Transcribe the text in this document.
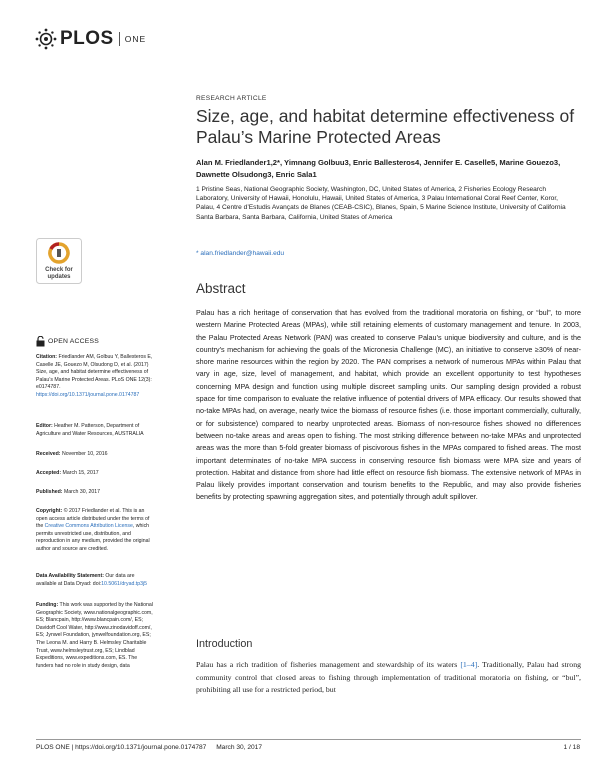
PLOS ONE
Check for
updates
RESEARCH ARTICLE
Size, age, and habitat determine effectiveness of Palau’s Marine Protected Areas
Alan M. Friedlander1,2*, Yimnang Golbuu3, Enric Ballesteros4, Jennifer E. Caselle5, Marine Gouezo3, Dawnette Olsudong3, Enric Sala1
1 Pristine Seas, National Geographic Society, Washington, DC, United States of America, 2 Fisheries Ecology Research Laboratory, University of Hawaii, Honolulu, Hawaii, United States of America, 3 Palau International Coral Reef Center, Koror, Palau, 4 Centre d’Estudis Avançats de Blanes (CEAB-CSIC), Blanes, Spain, 5 Marine Science Institute, University of California Santa Barbara, Santa Barbara, California, United States of America
* alan.friedlander@hawaii.edu
OPEN ACCESS
Citation: Friedlander AM, Golbuu Y, Ballesteros E, Caselle JE, Gouezo M, Olsudong D, et al. (2017) Size, age, and habitat determine effectiveness of Palau’s Marine Protected Areas. PLoS ONE 12(3): e0174787. https://doi.org/10.1371/journal.pone.0174787
Editor: Heather M. Patterson, Department of Agriculture and Water Resources, AUSTRALIA
Received: November 10, 2016
Accepted: March 15, 2017
Published: March 30, 2017
Copyright: © 2017 Friedlander et al. This is an open access article distributed under the terms of the Creative Commons Attribution License, which permits unrestricted use, distribution, and reproduction in any medium, provided the original author and source are credited.
Data Availability Statement: Our data are available at Data Dryad: doi:10.5061/dryad.tp3j5
Funding: This work was supported by the National Geographic Society, www.nationalgeographic.com, ES; Blancpain, http://www.blancpain.com/, ES; Davidoff Cool Water, http://www.zinodavidoff.com/, ES; Jynwel Foundation, jynwelfoundation.org, ES; The Leona M. and Harry B. Helmsley Charitable Trust, www.helmsleytrust.org, ES; Lindblad Expeditions, www.expeditions.com, ES. The funders had no role in study design, data
Abstract
Palau has a rich heritage of conservation that has evolved from the traditional moratoria on fishing, or “bul”, to more western Marine Protected Areas (MPAs), while still retaining elements of customary management and tenure. In 2003, the Palau Protected Areas Network (PAN) was created to conserve Palau’s unique biodiversity and culture, and is the country’s mechanism for achieving the goals of the Micronesia Challenge (MC), an initiative to conserve ≥30% of near-shore marine resources within the region by 2020. The PAN comprises a network of numerous MPAs within Palau that vary in age, size, level of management, and habitat, which provide an excellent opportunity to test hypotheses concerning MPA design and function using multiple discreet sampling units. Our sampling design provided a robust space for time comparison to evaluate the relative influence of potential drivers of MPA efficacy. Our results showed that no-take MPAs had, on average, nearly twice the biomass of resource fishes (i.e. those important commercially, culturally, or for subsistence) compared to nearby unprotected areas. Biomass of non-resource fishes showed no differences between no-take areas and areas open to fishing. The most striking difference between no-take MPAs and unprotected areas was the more than 5-fold greater biomass of piscivorous fishes in the MPAs compared to fished areas. The most important determinates of no-take MPA success in conserving resource fish biomass were MPA size and years of protection. Habitat and distance from shore had little effect on resource fish biomass. The extensive network of MPAs in Palau likely provides important conservation and tourism benefits to the Republic, and may also provide fisheries benefits by protecting spawning aggregation sites, and potentially through adult spillover.
Introduction
Palau has a rich tradition of fisheries management and stewardship of its waters [1–4]. Traditionally, Palau had strong community control that closed areas to fishing through implementation of traditional moratoria on fishing, or “bul”, prohibiting all use for a restricted period, but
PLOS ONE | https://doi.org/10.1371/journal.pone.0174787 March 30, 2017	1 / 18
